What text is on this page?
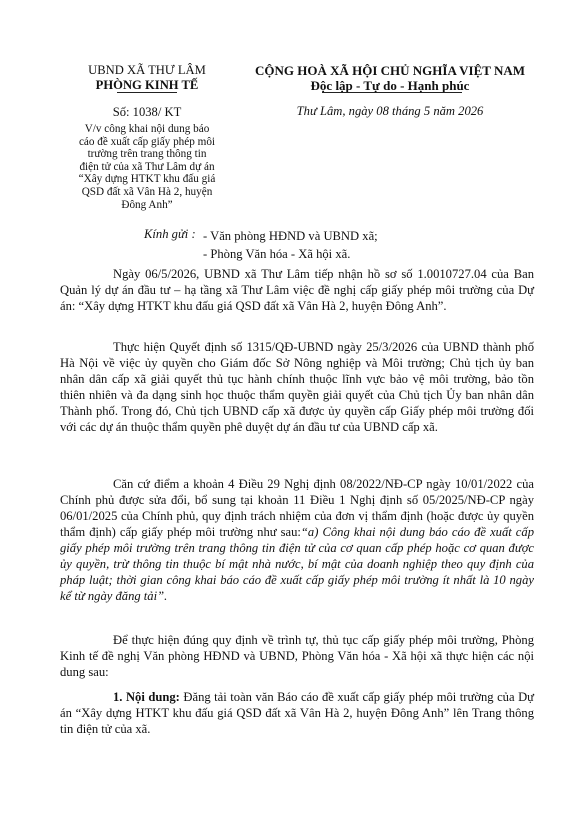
UBND XÃ THƯ LÂM
PHÒNG KINH TẾ
CỘNG HOÀ XÃ HỘI CHỦ NGHĨA VIỆT NAM
Độc lập - Tự do - Hạnh phúc
Số: 1038/ KT	Thư Lâm, ngày 08 tháng 5 năm 2026
V/v công khai nội dung báo cáo đề xuất cấp giấy phép môi trường trên trang thông tin điện tử của xã Thư Lâm dự án “Xây dựng HTKT khu đấu giá QSD đất xã Vân Hà 2, huyện Đông Anh”
Kính gửi : - Văn phòng HĐND và UBND xã;
- Phòng Văn hóa - Xã hội xã.
Ngày 06/5/2026, UBND xã Thư Lâm tiếp nhận hồ sơ số 1.0010727.04 của Ban Quản lý dự án đầu tư – hạ tầng xã Thư Lâm việc đề nghị cấp giấy phép môi trường của Dự án: “Xây dựng HTKT khu đấu giá QSD đất xã Vân Hà 2, huyện Đông Anh”.
Thực hiện Quyết định số 1315/QĐ-UBND ngày 25/3/2026 của UBND thành phố Hà Nội về việc ủy quyền cho Giám đốc Sở Nông nghiệp và Môi trường; Chủ tịch ủy ban nhân dân cấp xã giải quyết thủ tục hành chính thuộc lĩnh vực bảo vệ môi trường, bảo tồn thiên nhiên và đa dạng sinh học thuộc thẩm quyền giải quyết của Chủ tịch Ủy ban nhân dân Thành phố. Trong đó, Chủ tịch UBND cấp xã được ủy quyền cấp Giấy phép môi trường đối với các dự án thuộc thẩm quyền phê duyệt dự án đầu tư của UBND cấp xã.
Căn cứ điểm a khoản 4 Điều 29 Nghị định 08/2022/NĐ-CP ngày 10/01/2022 của Chính phủ được sửa đổi, bổ sung tại khoản 11 Điều 1 Nghị định số 05/2025/NĐ-CP ngày 06/01/2025 của Chính phủ, quy định trách nhiệm của đơn vị thẩm định (hoặc được ủy quyền thẩm định) cấp giấy phép môi trường như sau:“a) Công khai nội dung báo cáo đề xuất cấp giấy phép môi trường trên trang thông tin điện tử của cơ quan cấp phép hoặc cơ quan được ủy quyền, trừ thông tin thuộc bí mật nhà nước, bí mật của doanh nghiệp theo quy định của pháp luật; thời gian công khai báo cáo đề xuất cấp giấy phép môi trường ít nhất là 10 ngày kể từ ngày đăng tải”.
Để thực hiện đúng quy định về trình tự, thủ tục cấp giấy phép môi trường, Phòng Kinh tế đề nghị Văn phòng HĐND và UBND, Phòng Văn hóa - Xã hội xã thực hiện các nội dung sau:
1. Nội dung: Đăng tải toàn văn Báo cáo đề xuất cấp giấy phép môi trường của Dự án “Xây dựng HTKT khu đấu giá QSD đất xã Vân Hà 2, huyện Đông Anh” lên Trang thông tin điện tử của xã.
